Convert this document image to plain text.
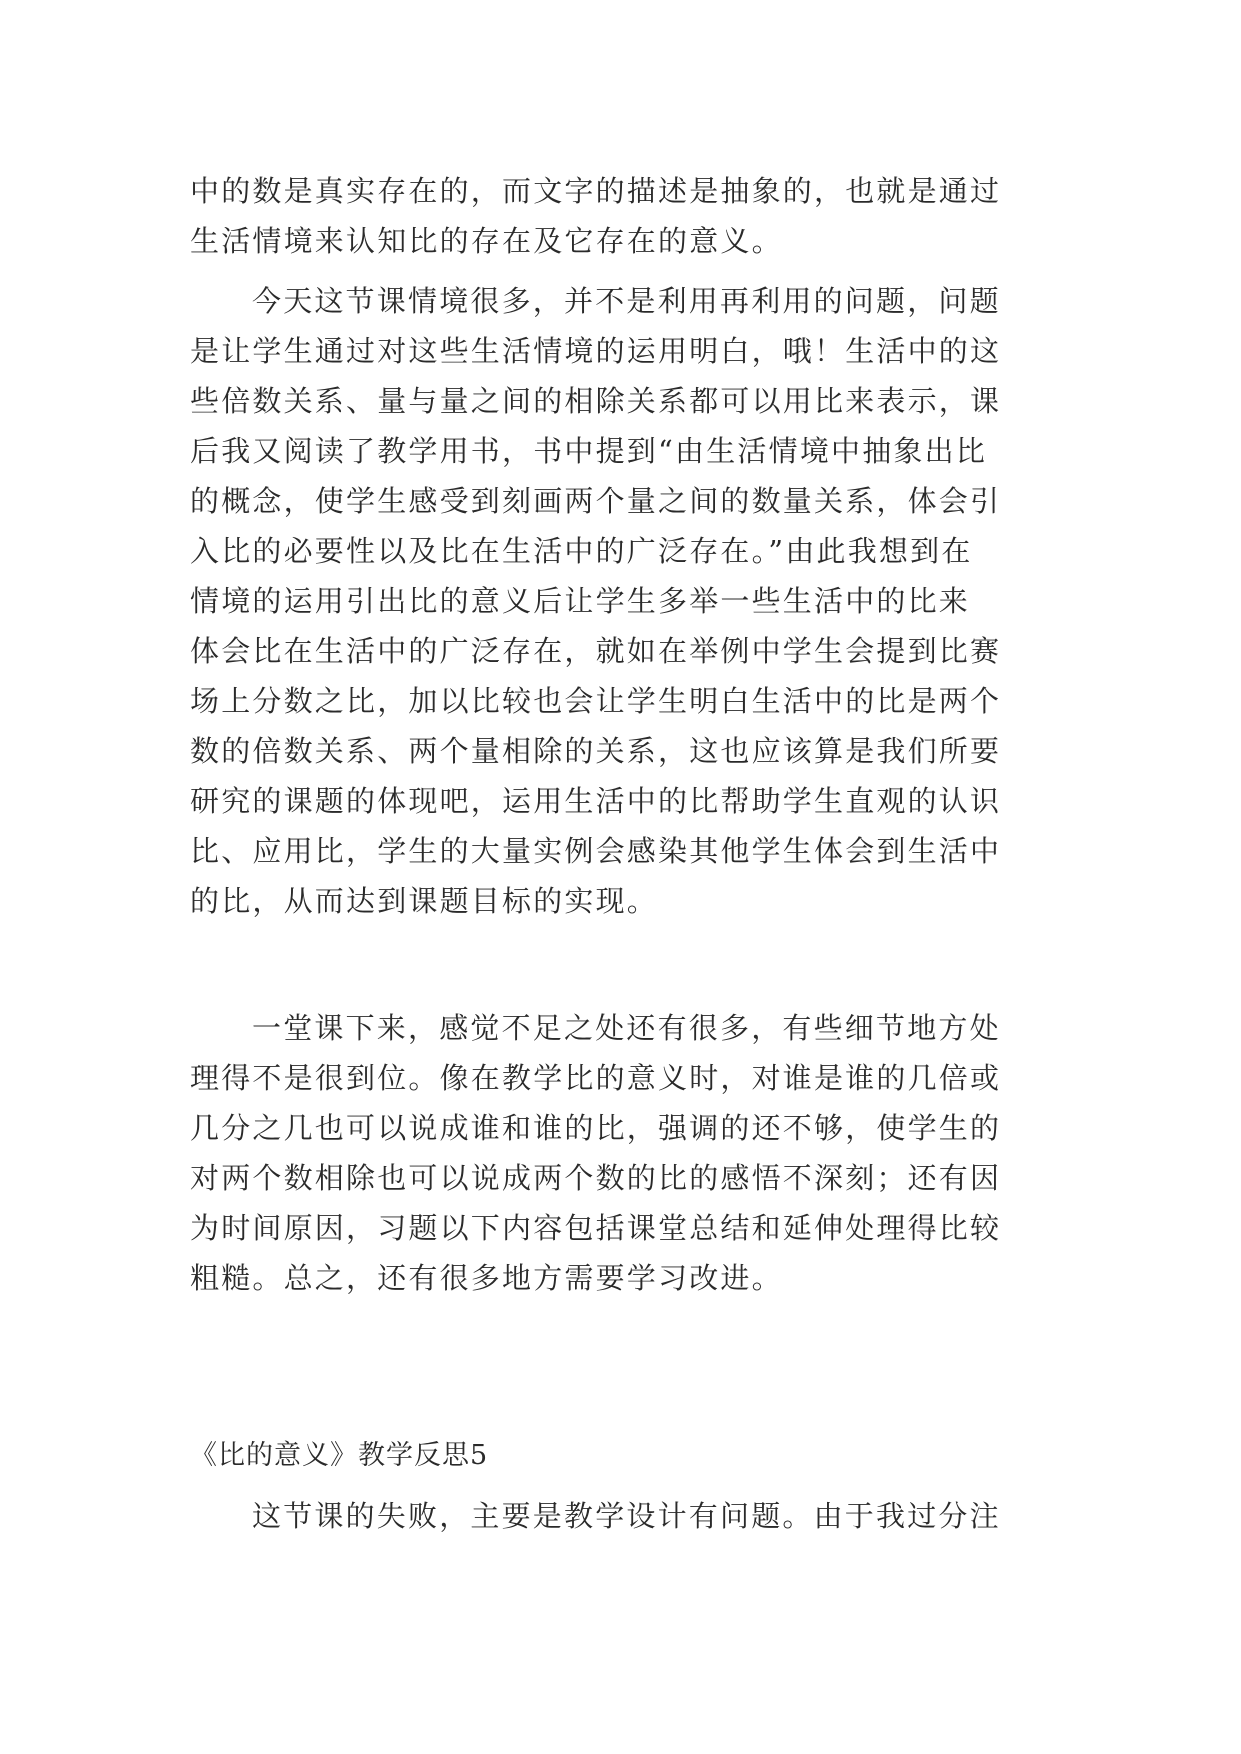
中的数是真实存在的，而文字的描述是抽象的，也就是通过
生活情境来认知比的存在及它存在的意义。
今天这节课情境很多，并不是利用再利用的问题，问题
是让学生通过对这些生活情境的运用明白，哦！生活中的这
些倍数关系、量与量之间的相除关系都可以用比来表示，课
后我又阅读了教学用书，书中提到“由生活情境中抽象出比
的概念，使学生感受到刻画两个量之间的数量关系，体会引
入比的必要性以及比在生活中的广泛存在。”由此我想到在
情境的运用引出比的意义后让学生多举一些生活中的比来
体会比在生活中的广泛存在，就如在举例中学生会提到比赛
场上分数之比，加以比较也会让学生明白生活中的比是两个
数的倍数关系、两个量相除的关系，这也应该算是我们所要
研究的课题的体现吧，运用生活中的比帮助学生直观的认识
比、应用比，学生的大量实例会感染其他学生体会到生活中
的比，从而达到课题目标的实现。
一堂课下来，感觉不足之处还有很多，有些细节地方处
理得不是很到位。像在教学比的意义时，对谁是谁的几倍或
几分之几也可以说成谁和谁的比，强调的还不够，使学生的
对两个数相除也可以说成两个数的比的感悟不深刻；还有因
为时间原因，习题以下内容包括课堂总结和延伸处理得比较
粗糙。总之，还有很多地方需要学习改进。
《比的意义》教学反思5
这节课的失败，主要是教学设计有问题。由于我过分注
